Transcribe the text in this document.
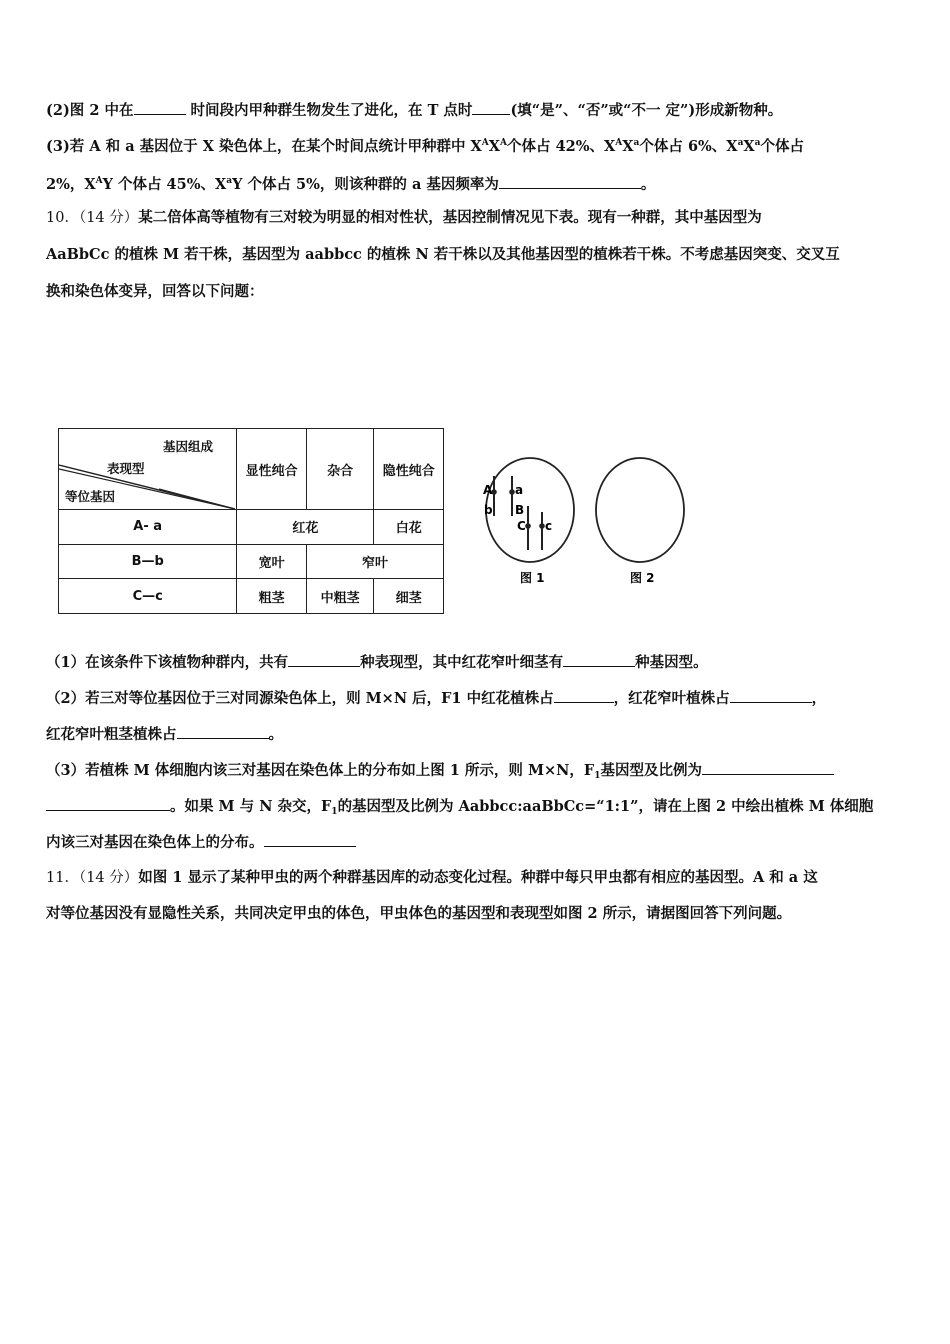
(2)图 2 中在	时间段内甲种群生物发生了进化，在 T 点时	(填“是”、“否”或“不一 定”)形成新物种。
(3)若 A 和 a 基因位于 X 染色体上，在某个时间点统计甲种群中 $X^AX^A$个体占 42%、$X^AX^a$个体占 6%、$X^aX^a$个体占
2%，$X^AY$ 个体占 45%、$X^aY$ 个体占 5%，则该种群的 a 基因频率为	。
10．（14 分）某二倍体高等植物有三对较为明显的相对性状，基因控制情况见下表。现有一种群，其中基因型为
AaBbCc 的植株 M 若干株，基因型为 aabbcc 的植株 N 若干株以及其他基因型的植株若干株。不考虑基因突变、交叉互
换和染色体变异，回答以下问题：
基因组成
表现型
等位基因	显性纯合	杂合	隐性纯合
A- a	红花		白花
B—b	宽叶	窄叶	
C—c	粗茎	中粗茎	细茎
A a
b B
C c
图 1	图 2
（1）在该条件下该植物种群内，共有	种表现型，其中红花窄叶细茎有	种基因型。
（2）若三对等位基因位于三对同源染色体上，则 M×N 后，F1 中红花植株占	，红花窄叶植株占	，
红花窄叶粗茎植株占	。
（3）若植株 M 体细胞内该三对基因在染色体上的分布如上图 1 所示，则 M×N，$F_1$基因型及比例为
。如果 M 与 N 杂交，$F_1$的基因型及比例为 Aabbcc:aaBbCc=“1:1”，请在上图 2 中绘出植株 M 体细胞
内该三对基因在染色体上的分布。
11．（14 分）如图 1 显示了某种甲虫的两个种群基因库的动态变化过程。种群中每只甲虫都有相应的基因型。A 和 a 这
对等位基因没有显隐性关系，共同决定甲虫的体色，甲虫体色的基因型和表现型如图 2 所示，请据图回答下列问题。
